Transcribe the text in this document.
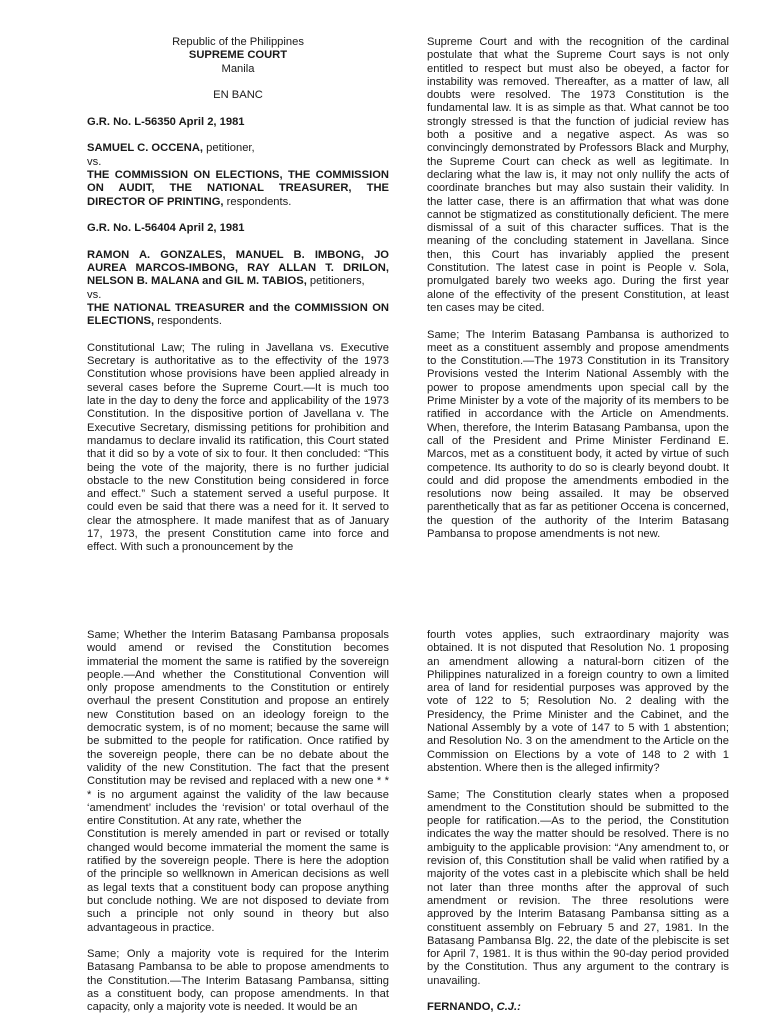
Republic of the Philippines
SUPREME COURT
Manila
EN BANC
G.R. No. L-56350 April 2, 1981
SAMUEL C. OCCENA, petitioner,
vs.
THE COMMISSION ON ELECTIONS, THE COMMISSION ON AUDIT, THE NATIONAL TREASURER, THE DIRECTOR OF PRINTING, respondents.
G.R. No. L-56404 April 2, 1981
RAMON A. GONZALES, MANUEL B. IMBONG, JO AUREA MARCOS-IMBONG, RAY ALLAN T. DRILON, NELSON B. MALANA and GIL M. TABIOS, petitioners,
vs.
THE NATIONAL TREASURER and the COMMISSION ON ELECTIONS, respondents.

Constitutional Law; The ruling in Javellana vs. Executive Secretary is authoritative as to the effectivity of the 1973 Constitution whose provisions have been applied already in several cases before the Supreme Court.—It is much too late in the day to deny the force and applicability of the 1973 Constitution. In the dispositive portion of Javellana v. The Executive Secretary, dismissing petitions for prohibition and mandamus to declare invalid its ratification, this Court stated that it did so by a vote of six to four. It then concluded: “This being the vote of the majority, there is no further judicial obstacle to the new Constitution being considered in force and effect.” Such a statement served a useful purpose. It could even be said that there was a need for it. It served to clear the atmosphere. It made manifest that as of January 17, 1973, the present Constitution came into force and effect. With such a pronouncement by the

Supreme Court and with the recognition of the cardinal postulate that what the Supreme Court says is not only entitled to respect but must also be obeyed, a factor for instability was removed. Thereafter, as a matter of law, all doubts were resolved. The 1973 Constitution is the fundamental law. It is as simple as that. What cannot be too strongly stressed is that the function of judicial review has both a positive and a negative aspect. As was so convincingly demonstrated by Professors Black and Murphy, the Supreme Court can check as well as legitimate. In declaring what the law is, it may not only nullify the acts of coordinate branches but may also sustain their validity. In the latter case, there is an affirmation that what was done cannot be stigmatized as constitutionally deficient. The mere dismissal of a suit of this character suffices. That is the meaning of the concluding statement in Javellana. Since then, this Court has invariably applied the present Constitution. The latest case in point is People v. Sola, promulgated barely two weeks ago. During the first year alone of the effectivity of the present Constitution, at least ten cases may be cited.

Same; The Interim Batasang Pambansa is authorized to meet as a constituent assembly and propose amendments to the Constitution.—The 1973 Constitution in its Transitory Provisions vested the Interim National Assembly with the power to propose amendments upon special call by the Prime Minister by a vote of the majority of its members to be ratified in accordance with the Article on Amendments. When, therefore, the Interim Batasang Pambansa, upon the call of the President and Prime Minister Ferdinand E. Marcos, met as a constituent body, it acted by virtue of such competence. Its authority to do so is clearly beyond doubt. It could and did propose the amendments embodied in the resolutions now being assailed. It may be observed parenthetically that as far as petitioner Occena is concerned, the question of the authority of the Interim Batasang Pambansa to propose amendments is not new.

Same; Whether the Interim Batasang Pambansa proposals would amend or revised the Constitution becomes immaterial the moment the same is ratified by the sovereign people.—And whether the Constitutional Convention will only propose amendments to the Constitution or entirely overhaul the present Constitution and propose an entirely new Constitution based on an ideology foreign to the democratic system, is of no moment; because the same will be submitted to the people for ratification. Once ratified by the sovereign people, there can be no debate about the validity of the new Constitution. The fact that the present Constitution may be revised and replaced with a new one * * * is no argument against the validity of the law because ‘amendment’ includes the ‘revision’ or total overhaul of the entire Constitution. At any rate, whether the

Constitution is merely amended in part or revised or totally changed would become immaterial the moment the same is ratified by the sovereign people. There is here the adoption of the principle so wellknown in American decisions as well as legal texts that a constituent body can propose anything but conclude nothing. We are not disposed to deviate from such a principle not only sound in theory but also advantageous in practice.

Same; Only a majority vote is required for the Interim Batasang Pambansa to be able to propose amendments to the Constitution.—The Interim Batasang Pambansa, sitting as a constituent body, can propose amendments. In that capacity, only a majority vote is needed. It would be an

fourth votes applies, such extraordinary majority was obtained. It is not disputed that Resolution No. 1 proposing an amendment allowing a natural-born citizen of the Philippines naturalized in a foreign country to own a limited area of land for residential purposes was approved by the vote of 122 to 5; Resolution No. 2 dealing with the Presidency, the Prime Minister and the Cabinet, and the National Assembly by a vote of 147 to 5 with 1 abstention; and Resolution No. 3 on the amendment to the Article on the Commission on Elections by a vote of 148 to 2 with 1 abstention. Where then is the alleged infirmity?

Same; The Constitution clearly states when a proposed amendment to the Constitution should be submitted to the people for ratification.—As to the period, the Constitution indicates the way the matter should be resolved. There is no ambiguity to the applicable provision: “Any amendment to, or revision of, this Constitution shall be valid when ratified by a majority of the votes cast in a plebiscite which shall be held not later than three months after the approval of such amendment or revision. The three resolutions were approved by the Interim Batasang Pambansa sitting as a constituent assembly on February 5 and 27, 1981. In the Batasang Pambansa Blg. 22, the date of the plebiscite is set for April 7, 1981. It is thus within the 90-day period provided by the Constitution. Thus any argument to the contrary is unavailing.

FERNANDO, C.J.:
